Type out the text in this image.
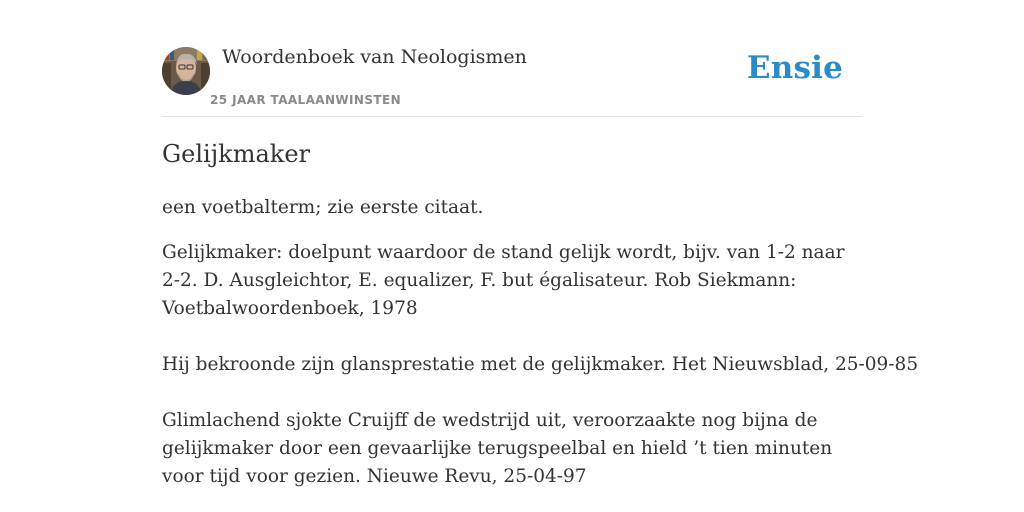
Woordenboek van Neologismen
25 JAAR TAALAANWINSTEN
Ensie
Gelijkmaker
een voetbalterm; zie eerste citaat.
Gelijkmaker: doelpunt waardoor de stand gelijk wordt, bijv. van 1-2 naar 2-2. D. Ausgleichtor, E. equalizer, F. but égalisateur. Rob Siekmann: Voetbalwoordenboek, 1978
Hij bekroonde zijn glansprestatie met de gelijkmaker. Het Nieuwsblad, 25-09-85
Glimlachend sjokte Cruijff de wedstrijd uit, veroorzaakte nog bijna de gelijkmaker door een gevaarlijke terugspeelbal en hield ’t tien minuten voor tijd voor gezien. Nieuwe Revu, 25-04-97
